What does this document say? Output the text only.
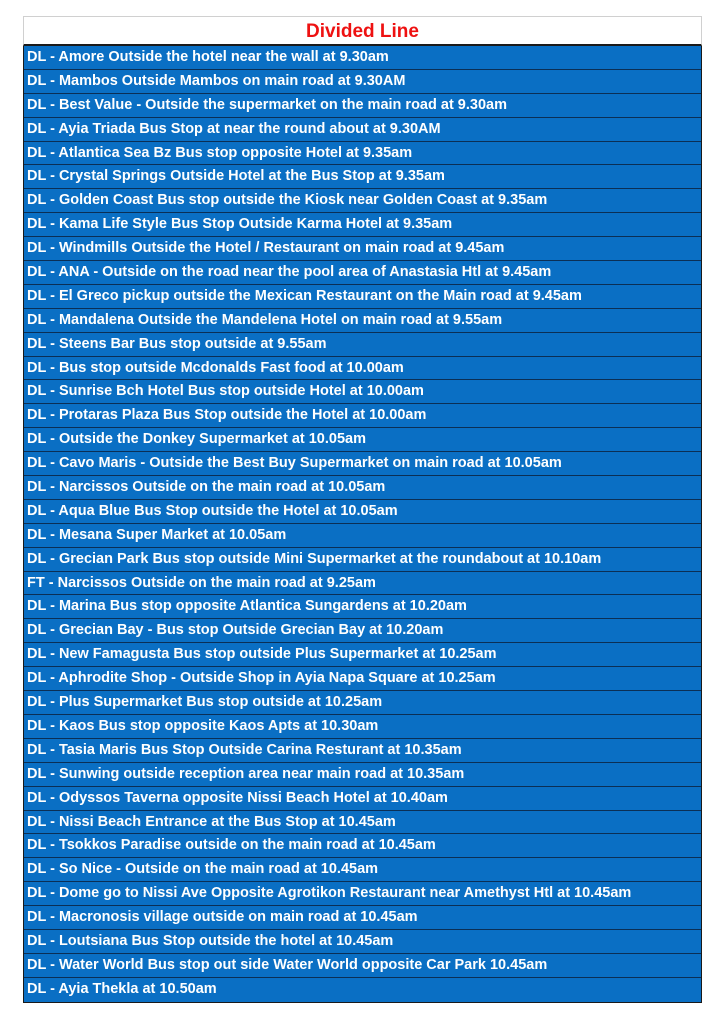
Divided Line
DL - Amore Outside the hotel near the wall at 9.30am
DL - Mambos Outside Mambos on main road at 9.30AM
DL - Best Value - Outside the supermarket on the main road at 9.30am
DL - Ayia Triada Bus Stop at near the round about at 9.30AM
DL - Atlantica Sea Bz Bus stop opposite Hotel at 9.35am
DL - Crystal Springs Outside Hotel at the Bus Stop at 9.35am
DL - Golden Coast Bus stop outside the Kiosk near Golden Coast at 9.35am
DL - Kama Life Style Bus Stop Outside Karma Hotel at 9.35am
DL - Windmills Outside the Hotel / Restaurant on main road at 9.45am
DL - ANA - Outside on the road near the pool area of Anastasia Htl at 9.45am
DL - El Greco pickup outside the Mexican Restaurant on the Main road at 9.45am
DL - Mandalena Outside the Mandelena Hotel on main road at 9.55am
DL - Steens Bar Bus stop outside at 9.55am
DL - Bus stop outside Mcdonalds Fast food at 10.00am
DL - Sunrise Bch Hotel Bus stop outside Hotel at 10.00am
DL - Protaras Plaza Bus Stop outside the Hotel at 10.00am
DL - Outside the Donkey Supermarket at 10.05am
DL - Cavo Maris - Outside the Best Buy Supermarket on main road at 10.05am
DL - Narcissos Outside on the main road at 10.05am
DL - Aqua Blue Bus Stop outside the Hotel at 10.05am
DL - Mesana Super Market at 10.05am
DL - Grecian Park Bus stop outside Mini Supermarket at the roundabout at 10.10am
FT - Narcissos Outside on the main road at 9.25am
DL - Marina Bus stop opposite Atlantica Sungardens at 10.20am
DL - Grecian Bay - Bus stop Outside Grecian Bay at 10.20am
DL - New Famagusta Bus stop outside Plus Supermarket at 10.25am
DL - Aphrodite Shop - Outside Shop in Ayia Napa Square at 10.25am
DL - Plus Supermarket Bus stop outside at 10.25am
DL - Kaos Bus stop opposite Kaos Apts at 10.30am
DL - Tasia Maris Bus Stop Outside Carina Resturant at 10.35am
DL - Sunwing outside reception area near main road at 10.35am
DL - Odyssos Taverna opposite Nissi Beach Hotel at 10.40am
DL - Nissi Beach Entrance at the Bus Stop at 10.45am
DL - Tsokkos Paradise outside on the main road at 10.45am
DL - So Nice - Outside on the main road at 10.45am
DL - Dome go to Nissi Ave Opposite Agrotikon Restaurant near Amethyst Htl at 10.45am
DL - Macronosis village outside on main road at 10.45am
DL - Loutsiana Bus Stop outside the hotel at 10.45am
DL - Water World Bus stop out side Water World opposite Car Park 10.45am
DL - Ayia Thekla at 10.50am
